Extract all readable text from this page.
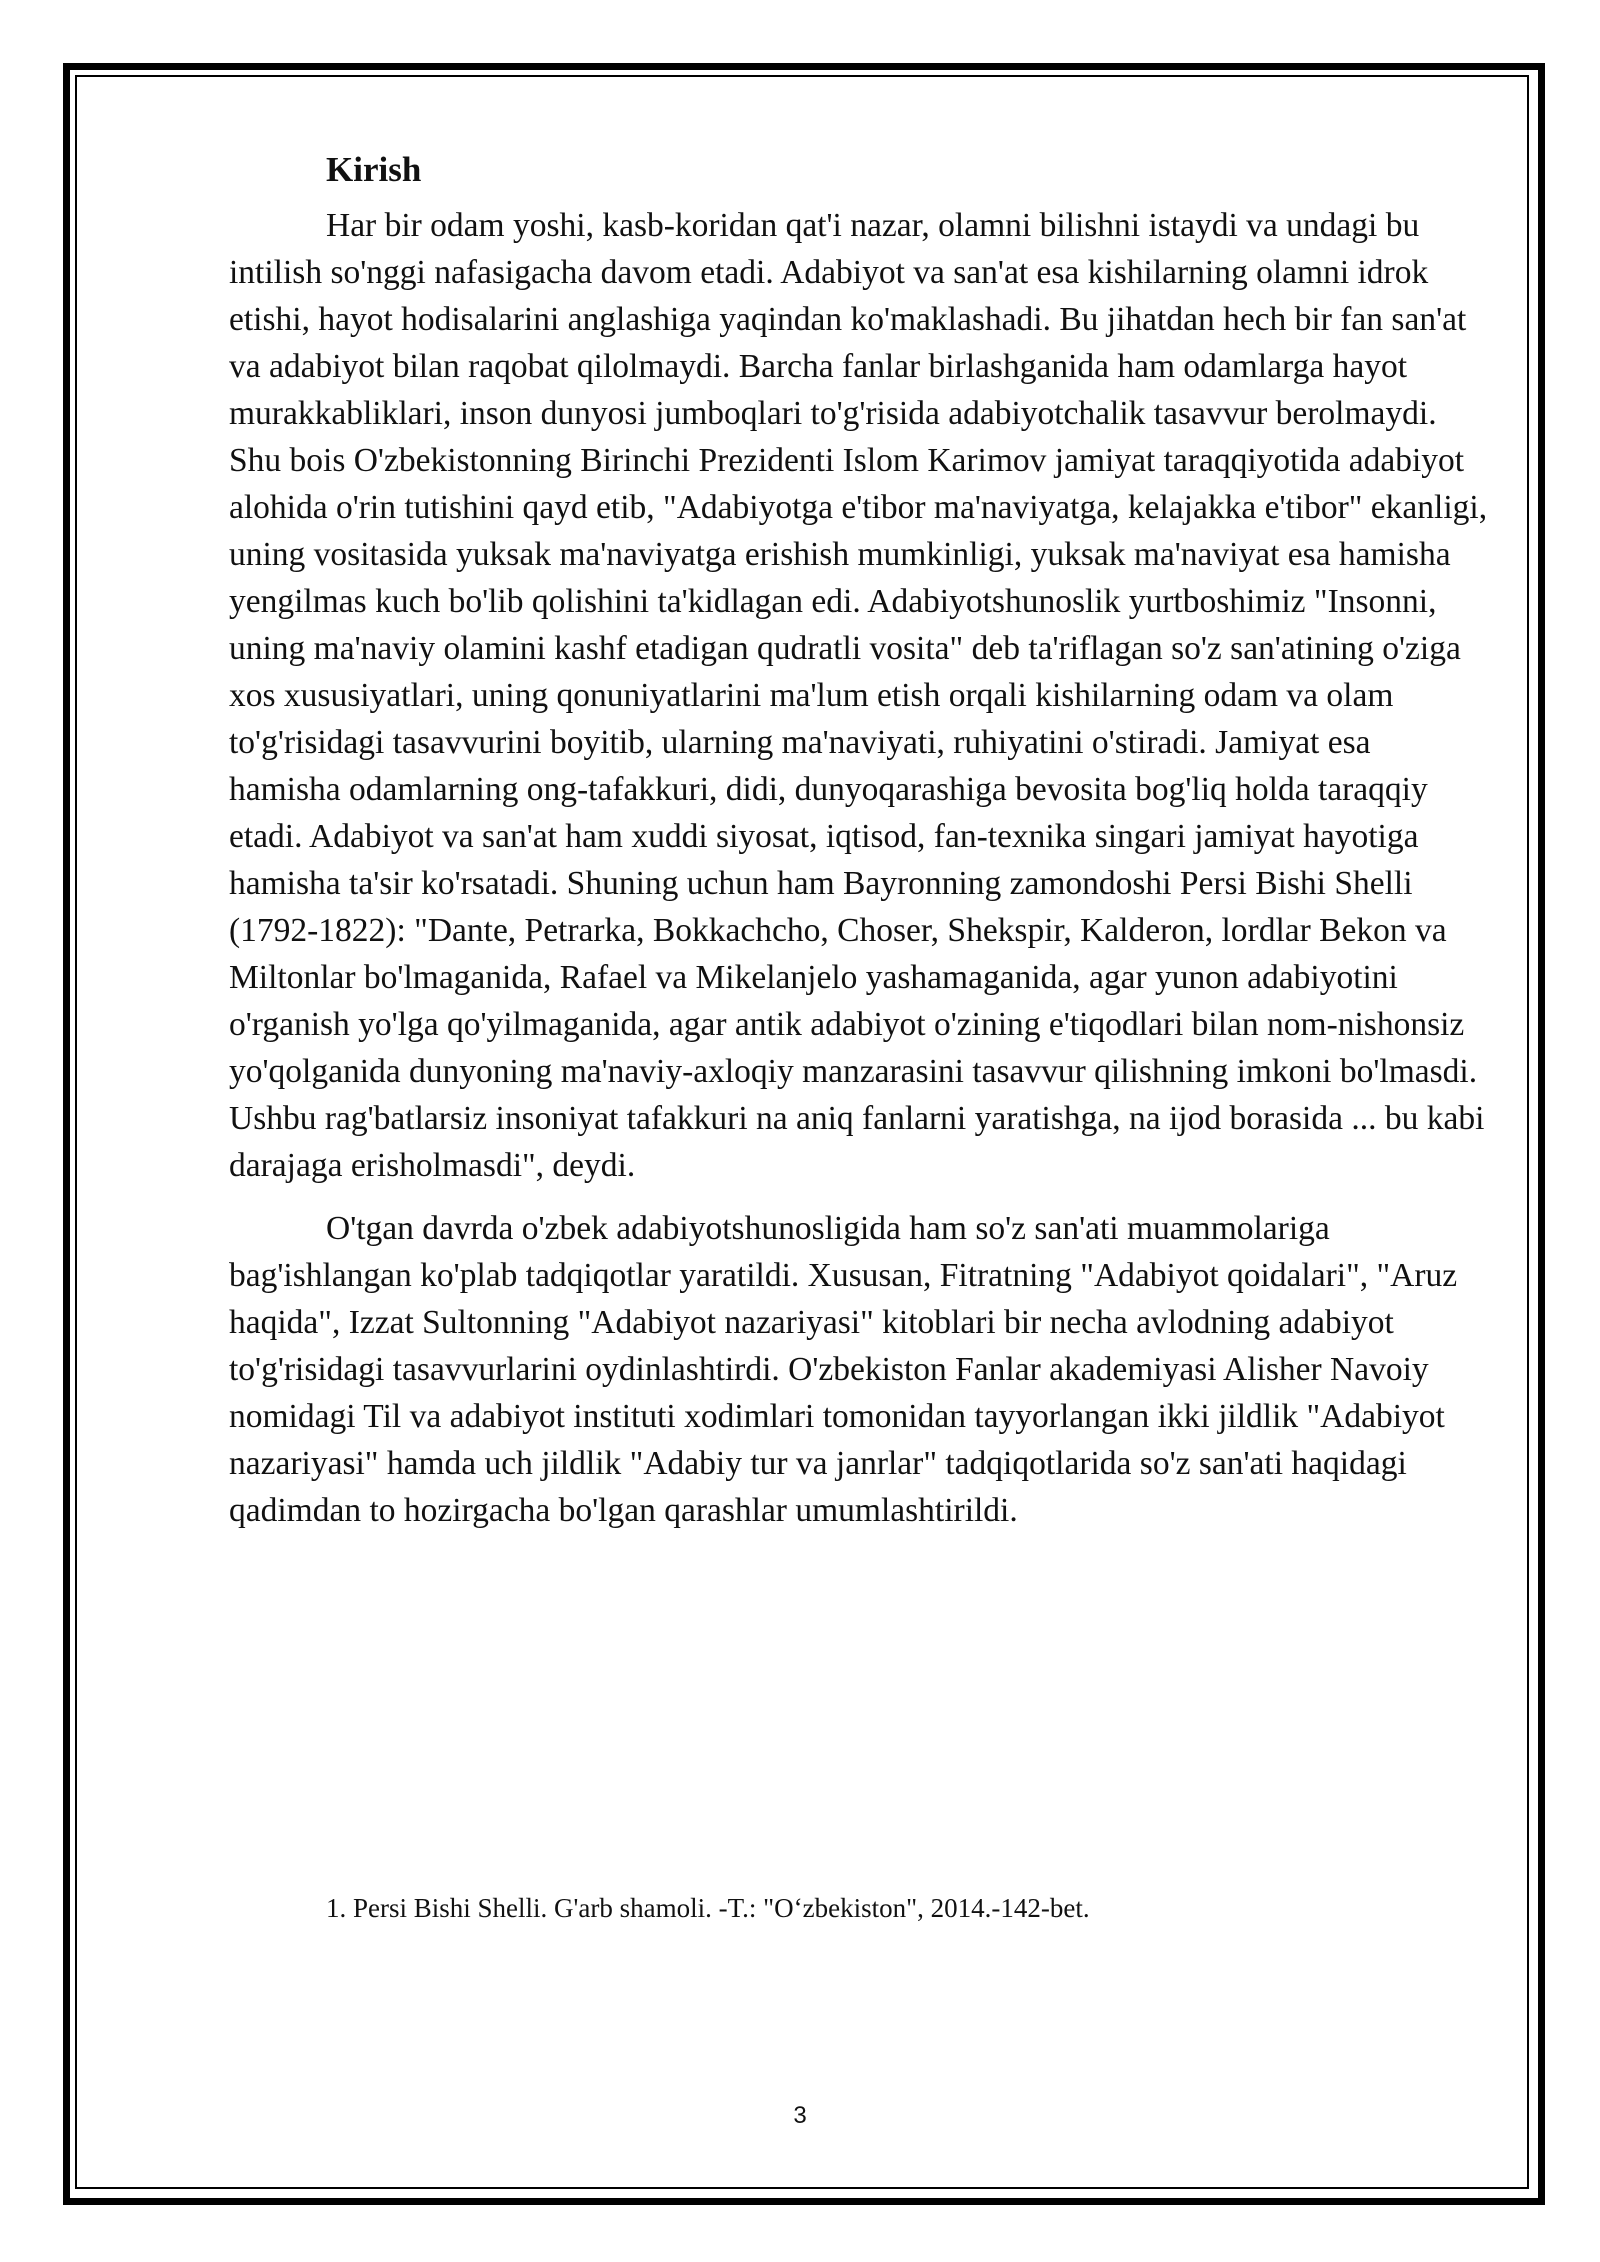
Kirish

Har bir odam yoshi, kasb-koridan qat'i nazar, olamni bilishni istaydi va undagi bu intilish so'nggi nafasigacha davom etadi. Adabiyot va san'at esa kishilarning olamni idrok etishi, hayot hodisalarini anglashiga yaqindan ko'maklashadi. Bu jihatdan hech bir fan san'at va adabiyot bilan raqobat qilolmaydi. Barcha fanlar birlashganida ham odamlarga hayot murakkabliklari, inson dunyosi jumboqlari to'g'risida adabiyotchalik tasavvur berolmaydi. Shu bois O'zbekistonning Birinchi Prezidenti Islom Karimov jamiyat taraqqiyotida adabiyot alohida o'rin tutishini qayd etib, "Adabiyotga e'tibor ma'naviyatga, kelajakka e'tibor" ekanligi, uning vositasida yuksak ma'naviyatga erishish mumkinligi, yuksak ma'naviyat esa hamisha yengilmas kuch bo'lib qolishini ta'kidlagan edi. Adabiyotshunoslik yurtboshimiz "Insonni, uning ma'naviy olamini kashf etadigan qudratli vosita" deb ta'riflagan so'z san'atining o'ziga xos xususiyatlari, uning qonuniyatlarini ma'lum etish orqali kishilarning odam va olam to'g'risidagi tasavvurini boyitib, ularning ma'naviyati, ruhiyatini o'stiradi. Jamiyat esa hamisha odamlarning ong-tafakkuri, didi, dunyoqarashiga bevosita bog'liq holda taraqqiy etadi. Adabiyot va san'at ham xuddi siyosat, iqtisod, fan-texnika singari jamiyat hayotiga hamisha ta'sir ko'rsatadi. Shuning uchun ham Bayronning zamondoshi Persi Bishi Shelli (1792-1822): "Dante, Petrarka, Bokkachcho, Choser, Shekspir, Kalderon, lordlar Bekon va Miltonlar bo'lmaganida, Rafael va Mikelanjelo yashamaganida, agar yunon adabiyotini o'rganish yo'lga qo'yilmaganida, agar antik adabiyot o'zining e'tiqodlari bilan nom-nishonsiz yo'qolganida dunyoning ma'naviy-axloqiy manzarasini tasavvur qilishning imkoni bo'lmasdi. Ushbu rag'batlarsiz insoniyat tafakkuri na aniq fanlarni yaratishga, na ijod borasida ... bu kabi darajaga erisholmasdi", deydi.

O'tgan davrda o'zbek adabiyotshunosligida ham so'z san'ati muammolariga bag'ishlangan ko'plab tadqiqotlar yaratildi. Xususan, Fitratning "Adabiyot qoidalari", "Aruz haqida", Izzat Sultonning "Adabiyot nazariyasi" kitoblari bir necha avlodning adabiyot to'g'risidagi tasavvurlarini oydinlashtirdi. O'zbekiston Fanlar akademiyasi Alisher Navoiy nomidagi Til va adabiyot instituti xodimlari tomonidan tayyorlangan ikki jildlik "Adabiyot nazariyasi" hamda uch jildlik "Adabiy tur va janrlar" tadqiqotlarida so'z san'ati haqidagi qadimdan to hozirgacha bo'lgan qarashlar umumlashtirildi.

1. Persi Bishi Shelli. G'arb shamoli. -T.: "O‘zbekiston", 2014.-142-bet.
3
